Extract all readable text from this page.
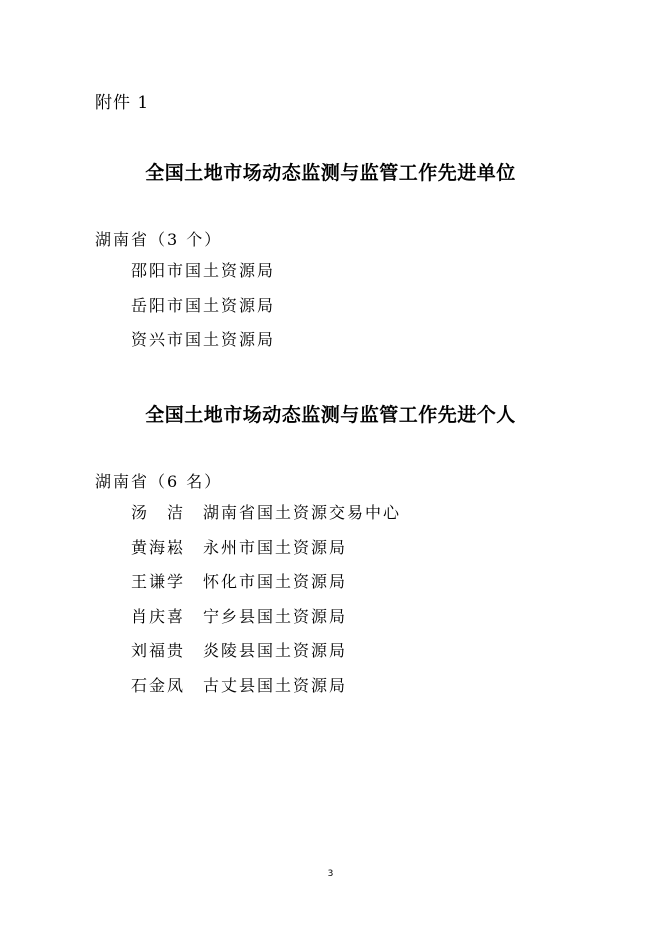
附件 1
全国土地市场动态监测与监管工作先进单位
湖南省（3 个）
邵阳市国土资源局
岳阳市国土资源局
资兴市国土资源局
全国土地市场动态监测与监管工作先进个人
湖南省（6 名）
汤　洁	湖南省国土资源交易中心
黄海崧	永州市国土资源局
王谦学	怀化市国土资源局
肖庆喜	宁乡县国土资源局
刘福贵	炎陵县国土资源局
石金凤	古丈县国土资源局
3
